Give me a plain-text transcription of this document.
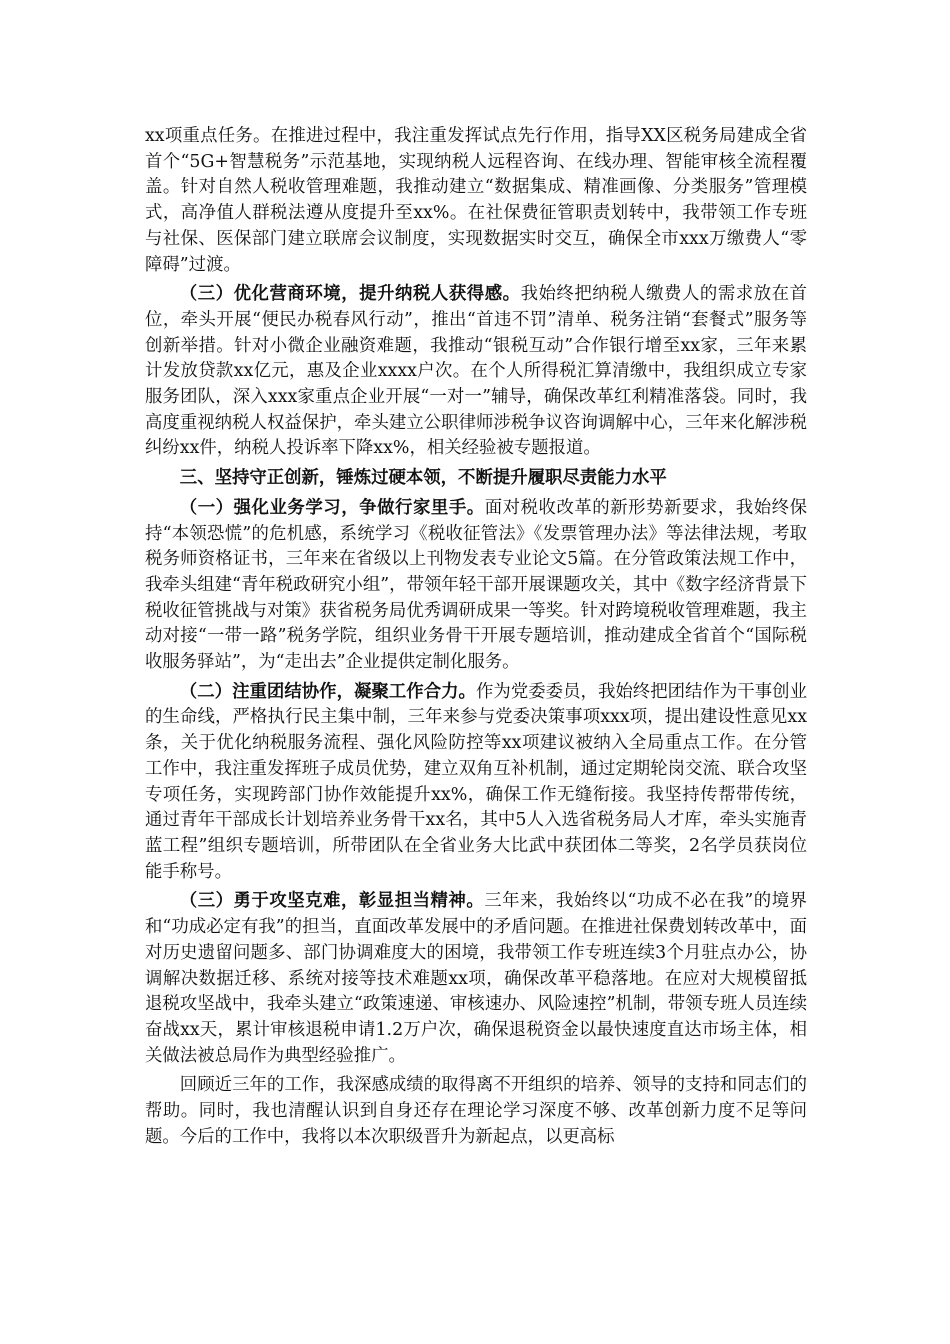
xx项重点任务。在推进过程中，我注重发挥试点先行作用，指导XX区税务局建成全省首个“5G+智慧税务”示范基地，实现纳税人远程咨询、在线办理、智能审核全流程覆盖。针对自然人税收管理难题，我推动建立“数据集成、精准画像、分类服务”管理模式，高净值人群税法遵从度提升至xx%。在社保费征管职责划转中，我带领工作专班与社保、医保部门建立联席会议制度，实现数据实时交互，确保全市xxx万缴费人“零障碍”过渡。

（三）优化营商环境，提升纳税人获得感。我始终把纳税人缴费人的需求放在首位，牵头开展“便民办税春风行动”，推出“首违不罚”清单、税务注销“套餐式”服务等创新举措。针对小微企业融资难题，我推动“银税互动”合作银行增至xx家，三年来累计发放贷款xx亿元，惠及企业xxxx户次。在个人所得税汇算清缴中，我组织成立专家服务团队，深入xxx家重点企业开展“一对一”辅导，确保改革红利精准落袋。同时，我高度重视纳税人权益保护，牵头建立公职律师涉税争议咨询调解中心，三年来化解涉税纠纷xx件，纳税人投诉率下降xx%，相关经验被专题报道。

三、坚持守正创新，锤炼过硬本领，不断提升履职尽责能力水平

（一）强化业务学习，争做行家里手。面对税收改革的新形势新要求，我始终保持“本领恐慌”的危机感，系统学习《税收征管法》《发票管理办法》等法律法规，考取税务师资格证书，三年来在省级以上刊物发表专业论文5篇。在分管政策法规工作中，我牵头组建“青年税政研究小组”，带领年轻干部开展课题攻关，其中《数字经济背景下税收征管挑战与对策》获省税务局优秀调研成果一等奖。针对跨境税收管理难题，我主动对接“一带一路”税务学院，组织业务骨干开展专题培训，推动建成全省首个“国际税收服务驿站”，为“走出去”企业提供定制化服务。

（二）注重团结协作，凝聚工作合力。作为党委委员，我始终把团结作为干事创业的生命线，严格执行民主集中制，三年来参与党委决策事项xxx项，提出建设性意见xx条，关于优化纳税服务流程、强化风险防控等xx项建议被纳入全局重点工作。在分管工作中，我注重发挥班子成员优势，建立双角互补机制，通过定期轮岗交流、联合攻坚专项任务，实现跨部门协作效能提升xx%，确保工作无缝衔接。我坚持传帮带传统，通过青年干部成长计划培养业务骨干xx名，其中5人入选省税务局人才库，牵头实施青蓝工程”组织专题培训，所带团队在全省业务大比武中获团体二等奖，2名学员获岗位能手称号。

（三）勇于攻坚克难，彰显担当精神。三年来，我始终以“功成不必在我”的境界和“功成必定有我”的担当，直面改革发展中的矛盾问题。在推进社保费划转改革中，面对历史遗留问题多、部门协调难度大的困境，我带领工作专班连续3个月驻点办公，协调解决数据迁移、系统对接等技术难题xx项，确保改革平稳落地。在应对大规模留抵退税攻坚战中，我牵头建立“政策速递、审核速办、风险速控”机制，带领专班人员连续奋战xx天，累计审核退税申请1.2万户次，确保退税资金以最快速度直达市场主体，相关做法被总局作为典型经验推广。

回顾近三年的工作，我深感成绩的取得离不开组织的培养、领导的支持和同志们的帮助。同时，我也清醒认识到自身还存在理论学习深度不够、改革创新力度不足等问题。今后的工作中，我将以本次职级晋升为新起点，以更高标
